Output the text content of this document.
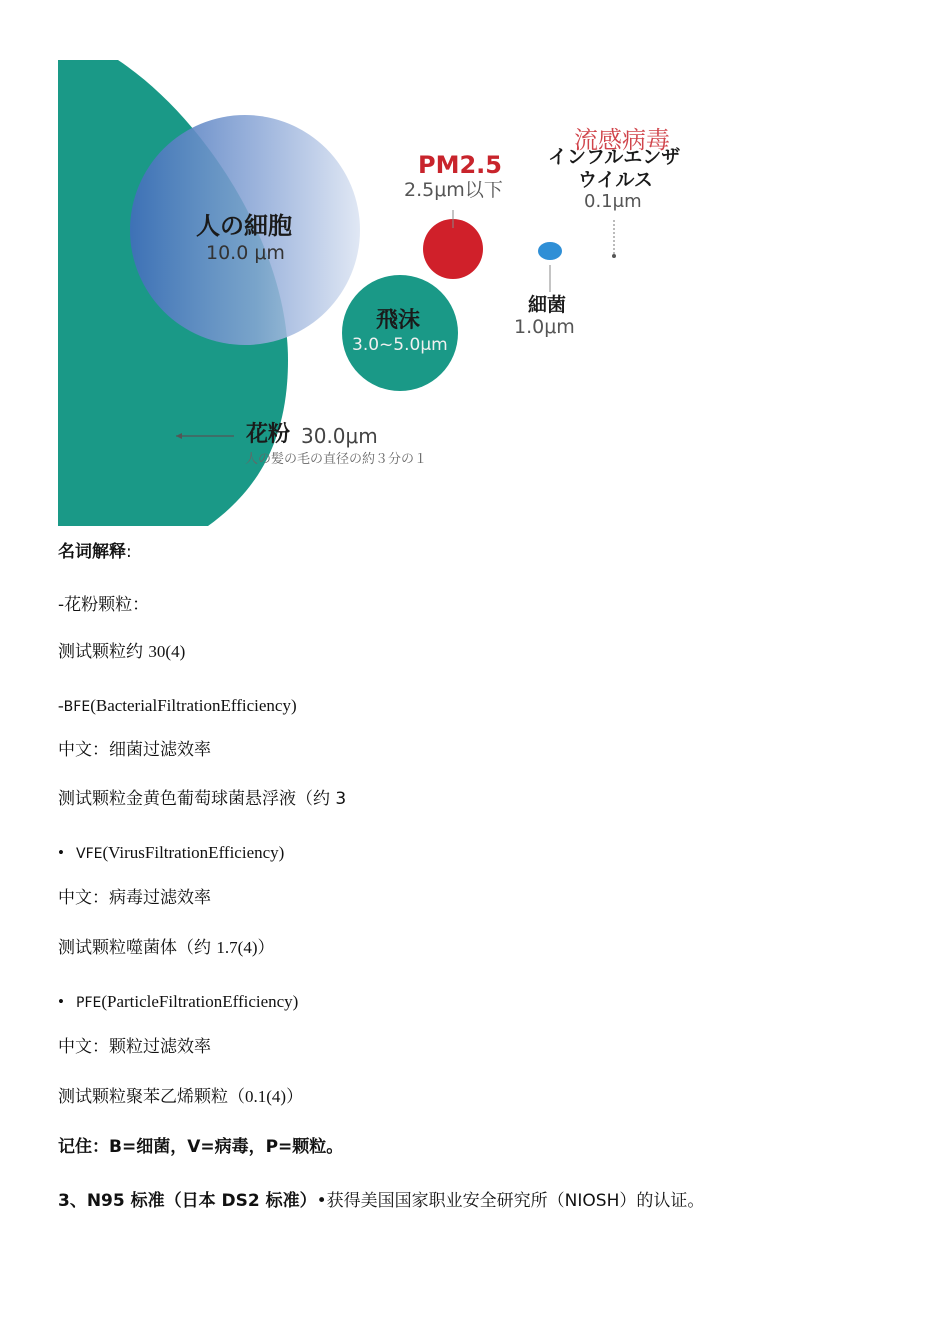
人の細胞
10.0 μm
PM2.5
2.5μm以下
飛沫
3.0~5.0μm
細菌
1.0μm
流感病毒
インフルエンザ
ウイルス
0.1μm
花粉 30.0μm
人の髪の毛の直径の約３分の１
名词解释:
-花粉颗粒：
测试颗粒约 30(4)
-BFE(BacterialFiltrationEfficiency)
中文：细菌过滤效率
测试颗粒金黄色葡萄球菌悬浮液（约 3
• VFE(VirusFiltrationEfficiency)
中文：病毒过滤效率
测试颗粒噬菌体（约 1.7(4)）
• PFE(ParticleFiltrationEfficiency)
中文：颗粒过滤效率
测试颗粒聚苯乙烯颗粒（0.1(4)）
记住：B=细菌，V=病毒，P=颗粒。
3、N95 标准（日本 DS2 标准）•获得美国国家职业安全研究所（NIOSH）的认证。
